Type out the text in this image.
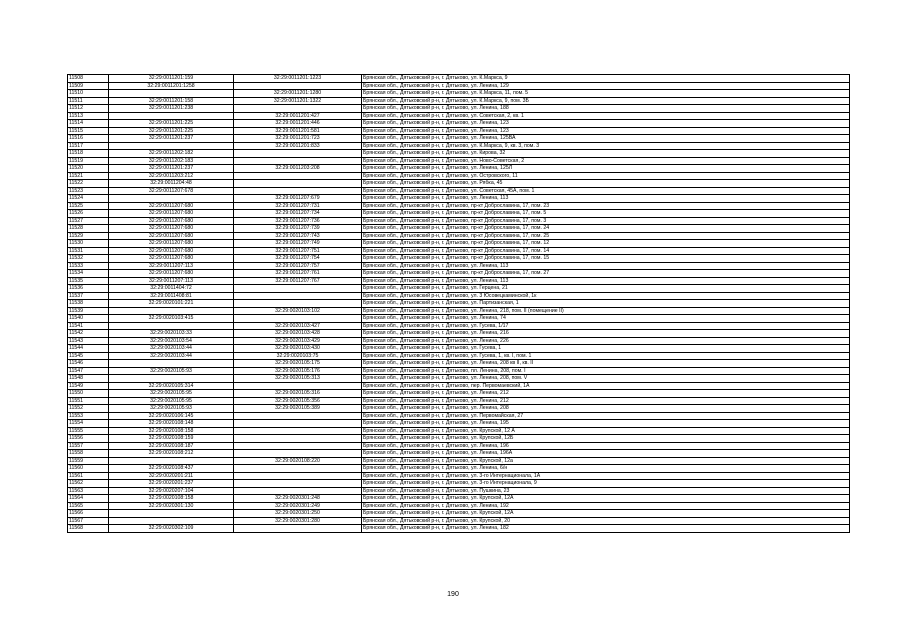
11508	32:29:0011201:159	32:29:0011201:1223	Брянская обл., Дятьковский р-н, г. Дятьково, ул. К.Маркса, 9
11509	32:29:0011201:1258		Брянская обл., Дятьковский р-н, г. Дятьково, ул. Ленина, 129
11510		32:29:0011201:1280	Брянская обл., Дятьковский р-н, г. Дятьково, ул. К.Маркса, 11, пом. 5
11511	32:29:0011201:158	32:29:0011201:1322	Брянская обл., Дятьковский р-н, г. Дятьково, ул. К.Маркса, 9, пом. 3Б
11512	32:29:0011201:238		Брянская обл., Дятьковский р-н, г. Дятьково, ул. Ленина, 188
11513		32:29:0011201:427	Брянская обл., Дятьковский р-н, г. Дятьково, ул. Советская, 2, кв. 1
11514	32:29:0011201:225	32:29:0011201:446	Брянская обл., Дятьковский р-н, г. Дятьково, ул. Ленина, 123
11515	32:29:0011201:225	32:29:0011201:581	Брянская обл., Дятьковский р-н, г. Дятьково, ул. Ленина, 123
11516	32:29:0011201:237	32:29:0011201:723	Брянская обл., Дятьковский р-н, г. Дятьково, ул. Ленина, 125ВА
11517		32:29:0011201:833	Брянская обл., Дятьковский р-н, г. Дятьково, ул. К.Маркса, 9, кв. 3, пом. 3
11518	32:29:0011202:182		Брянская обл., Дятьковский р-н, г. Дятьково, ул. Кирова, 32
11519	32:29:0011202:183		Брянская обл., Дятьковский р-н, г. Дятьково, ул. Ново-Советская, 2
11520	32:29:0011201:237	32:29:0011203:208	Брянская обл., Дятьковский р-н, г. Дятьково, ул. Ленина, 125Л
11521	32:29:0011203:212		Брянская обл., Дятьковский р-н, г. Дятьково, ул. Островского, 11
11522	32:29:0011204:48		Брянская обл., Дятьковский р-н, г. Дятьково, ул. Рябка, 45
11523	32:29:0011207:678		Брянская обл., Дятьковский р-н, г. Дятьково, ул. Советская, 45А, пом. 1
11524		32:29:0011207:679	Брянская обл., Дятьковский р-н, г. Дятьково, ул. Ленина, 113
11525	32:29:0011207:680	32:29:0011207:731	Брянская обл., Дятьковский р-н, г. Дятьково, пр-кт Доброславина, 17, пом. 23
11526	32:29:0011207:680	32:29:0011207:734	Брянская обл., Дятьковский р-н, г. Дятьково, пр-кт Доброславина, 17, пом. 5
11527	32:29:0011207:680	32:29:0011207:736	Брянская обл., Дятьковский р-н, г. Дятьково, пр-кт Доброславина, 17, пом. 3
11528	32:29:0011207:680	32:29:0011207:739	Брянская обл., Дятьковский р-н, г. Дятьково, пр-кт Доброславина, 17, пом. 24
11529	32:29:0011207:680	32:29:0011207:743	Брянская обл., Дятьковский р-н, г. Дятьково, пр-кт Доброславина, 17, пом. 25
11530	32:29:0011207:680	32:29:0011207:749	Брянская обл., Дятьковский р-н, г. Дятьково, пр-кт Доброславина, 17, пом. 12
11531	32:29:0011207:680	32:29:0011207:751	Брянская обл., Дятьковский р-н, г. Дятьково, пр-кт Доброславина, 17, пом. 14
11532	32:29:0011207:680	32:29:0011207:754	Брянская обл., Дятьковский р-н, г. Дятьково, пр-кт Доброславина, 17, пом. 15
11533	32:29:0011207:113	32:29:0011207:757	Брянская обл., Дятьковский р-н, г. Дятьково, ул. Ленина, 113
11534	32:29:0011207:680	32:29:0011207:761	Брянская обл., Дятьковский р-н, г. Дятьково, пр-кт Доброславина, 17, пом. 27
11535	32:29:0011207:113	32:29:0011207:767	Брянская обл., Дятьковский р-н, г. Дятьково, ул. Ленина, 113
11536	32:29:0011404:72		Брянская обл., Дятьковский р-н, г. Дятьково, ул. Герцена, 21
11537	32:29:0011408:81		Брянская обл., Дятьковский р-н, г. Дятьково, ул. 3 Юсовецкаминской, 1к
11538	32:29:0020101:221		Брянская обл., Дятьковский р-н, г. Дятьково, ул. Партизанская, 1
11539		32:29:0020103:102	Брянская обл., Дятьковский р-н, г. Дятьково, ул. Ленина, 218, пом. II (помещение II)
11540	32:29:0020103:415		Брянская обл., Дятьковский р-н, г. Дятьково, ул. Ленина, 74
11541		32:29:0020103:427	Брянская обл., Дятьковский р-н, г. Дятьково, ул. Гусева, 1/17
11542	32:29:0020103:33	32:29:0020103:428	Брянская обл., Дятьковский р-н, г. Дятьково, ул. Ленина, 216
11543	32:29:0020103:54	32:29:0020103:429	Брянская обл., Дятьковский р-н, г. Дятьково, ул. Ленина, 226
11544	32:29:0020103:44	32:29:0020103:430	Брянская обл., Дятьковский р-н, г. Дятьково, ул. Гусева, 1
11545	32:29:0020103:44	32:29:0020103:75	Брянская обл., Дятьковский р-н, г. Дятьково, ул. Гусева, 1, кв. I, пом. 1
11546		32:29:0020105:175	Брянская обл., Дятьковский р-н, г. Дятьково, ул. Ленина, 208 кв II, кв. II
11547	32:29:0020105:93	32:29:0020105:176	Брянская обл., Дятьковский р-н, г. Дятьково, пл. Ленина, 208, пом. I
11548		32:29:0020105:313	Брянская обл., Дятьковский р-н, г. Дятьково, ул. Ленина, 208, пом. V
11549	32:29:0020105:314		Брянская обл., Дятьковский р-н, г. Дятьково, пер. Первомаевский, 1А
11550	32:29:0020105:95	32:29:0020105:316	Брянская обл., Дятьковский р-н, г. Дятьково, ул. Ленина, 212
11551	32:29:0020105:95	32:29:0020105:356	Брянская обл., Дятьковский р-н, г. Дятьково, ул. Ленина, 212
11552	32:29:0020105:93	32:29:0020105:389	Брянская обл., Дятьковский р-н, г. Дятьково, ул. Ленина, 208
11553	32:29:0020106:145		Брянская обл., Дятьковский р-н, г. Дятьково, ул. Первомайская, 27
11554	32:29:0020108:148		Брянская обл., Дятьковский р-н, г. Дятьково, ул. Ленина, 195
11555	32:29:0020108:158		Брянская обл., Дятьковский р-н, г. Дятьково, ул. Крупской, 12 А
11556	32:29:0020108:159		Брянская обл., Дятьковский р-н, г. Дятьково, ул. Крупской, 12Б
11557	32:29:0020108:187		Брянская обл., Дятьковский р-н, г. Дятьково, ул. Ленина, 196
11558	32:29:0020108:212		Брянская обл., Дятьковский р-н, г. Дятьково, ул. Ленина, 196А
11559		32:29:0020108:220	Брянская обл., Дятьковский р-н, г. Дятьково, ул. Крупской, 12а
11560	32:29:0020108:437		Брянская обл., Дятьковский р-н, г. Дятьково, ул. Ленина, 6/н
11561	32:29:0020201:211		Брянская обл., Дятьковский р-н, г. Дятьково, ул. 3-го Интернационала, 1А
11562	32:29:0020201:237		Брянская обл., Дятьковский р-н, г. Дятьково, ул. 3-го Интернационала, 9
11563	32:29:0020207:104		Брянская обл., Дятьковский р-н, г. Дятьково, ул. Пушкина, 23
11564	32:29:0020108:158	32:29:0020301:248	Брянская обл., Дятьковский р-н, г. Дятьково, ул. Крупской, 12А
11565	32:29:0020301:130	32:29:0020301:249	Брянская обл., Дятьковский р-н, г. Дятьково, ул. Ленина, 192
11566		32:29:0020301:250	Брянская обл., Дятьковский р-н, г. Дятьково, ул. Крупской, 12А
11567		32:29:0020301:280	Брянская обл., Дятьковский р-н, г. Дятьково, ул. Крупской, 20
11568	32:29:0020302:109		Брянская обл., Дятьковский р-н, г. Дятьково, ул. Ленина, 182
190
